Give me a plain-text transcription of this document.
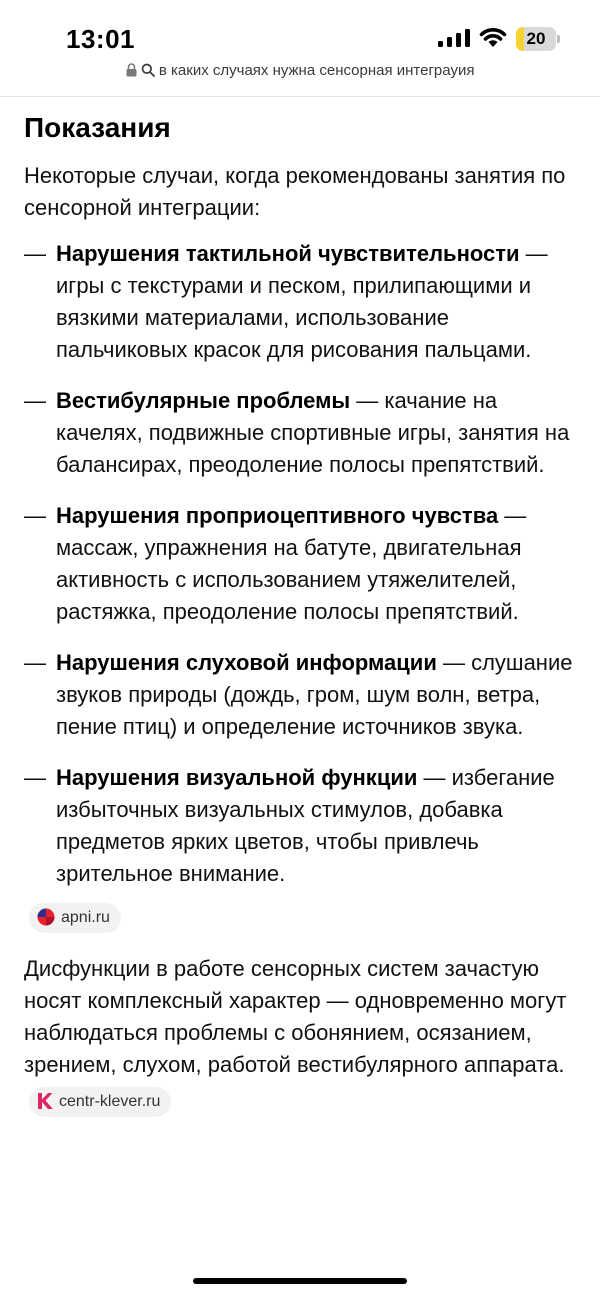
13:01	20
в каких случаях нужна сенсорная интеграуия
Показания

Некоторые случаи, когда рекомендованы занятия по сенсорной интеграции:

— Нарушения тактильной чувствительности — игры с текстурами и песком, прилипающими и вязкими материалами, использование пальчиковых красок для рисования пальцами.
— Вестибулярные проблемы — качание на качелях, подвижные спортивные игры, занятия на балансирах, преодоление полосы препятствий.
— Нарушения проприоцептивного чувства — массаж, упражнения на батуте, двигательная активность с использованием утяжелителей, растяжка, преодоление полосы препятствий.
— Нарушения слуховой информации — слушание звуков природы (дождь, гром, шум волн, ветра, пение птиц) и определение источников звука.
— Нарушения визуальной функции — избегание избыточных визуальных стимулов, добавка предметов ярких цветов, чтобы привлечь зрительное внимание.
apni.ru

Дисфункции в работе сенсорных систем зачастую носят комплексный характер — одновременно могут наблюдаться проблемы с обонянием, осязанием, зрением, слухом, работой вестибулярного аппарата.

centr-klever.ru
